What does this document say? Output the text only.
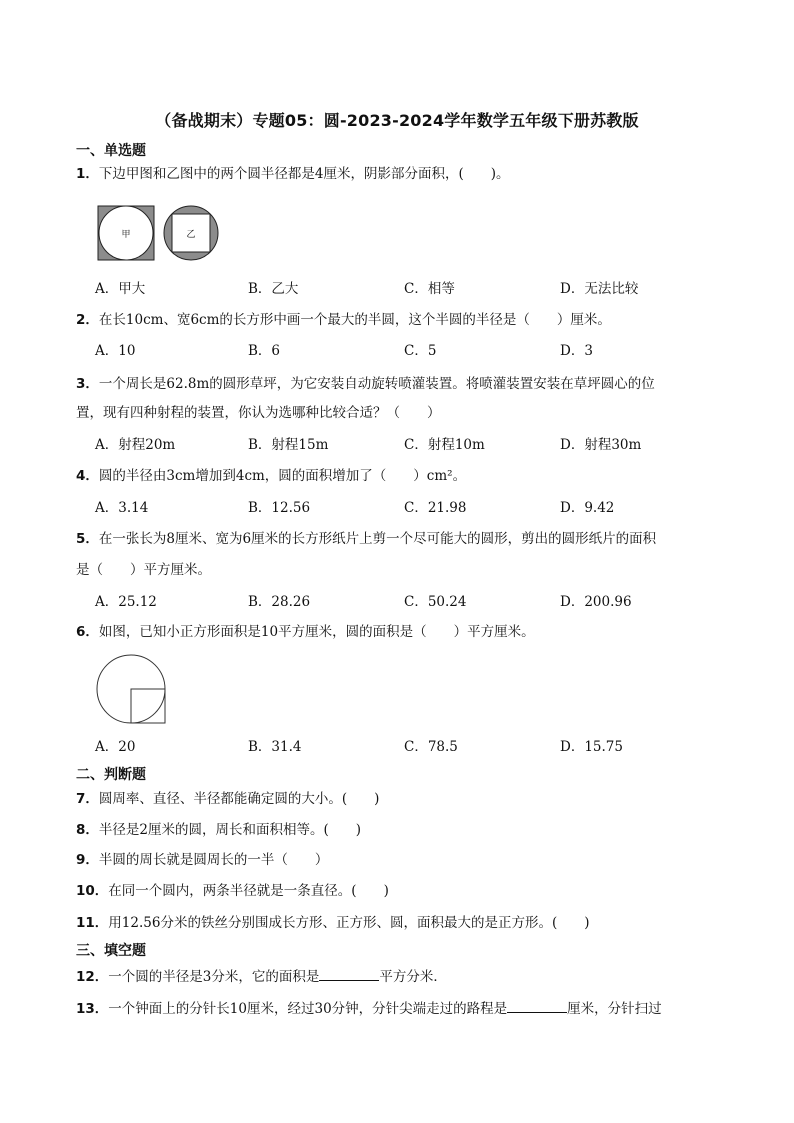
（备战期末）专题05：圆-2023-2024学年数学五年级下册苏教版
一、单选题
1．下边甲图和乙图中的两个圆半径都是4厘米，阴影部分面积，(　　)。
甲	乙
A．甲大	B．乙大	C．相等	D．无法比较
2．在长10cm、宽6cm的长方形中画一个最大的半圆，这个半圆的半径是（　　）厘米。
A．10	B．6	C．5	D．3
3．一个周长是62.8m的圆形草坪，为它安装自动旋转喷灌装置。将喷灌装置安装在草坪圆心的位
置，现有四种射程的装置，你认为选哪种比较合适？（　　）
A．射程20m	B．射程15m	C．射程10m	D．射程30m
4．圆的半径由3cm增加到4cm，圆的面积增加了（　　）cm²。
A．3.14	B．12.56	C．21.98	D．9.42
5．在一张长为8厘米、宽为6厘米的长方形纸片上剪一个尽可能大的圆形，剪出的圆形纸片的面积
是（　　）平方厘米。
A．25.12	B．28.26	C．50.24	D．200.96
6．如图，已知小正方形面积是10平方厘米，圆的面积是（　　）平方厘米。
A．20	B．31.4	C．78.5	D．15.75
二、判断题
7．圆周率、直径、半径都能确定圆的大小。(　　)
8．半径是2厘米的圆，周长和面积相等。(　　)
9．半圆的周长就是圆周长的一半（　　）
10．在同一个圆内，两条半径就是一条直径。(　　)
11．用12.56分米的铁丝分别围成长方形、正方形、圆，面积最大的是正方形。(　　)
三、填空题
12．一个圆的半径是3分米，它的面积是	平方分米．
13．一个钟面上的分针长10厘米，经过30分钟，分针尖端走过的路程是	厘米，分针扫过
